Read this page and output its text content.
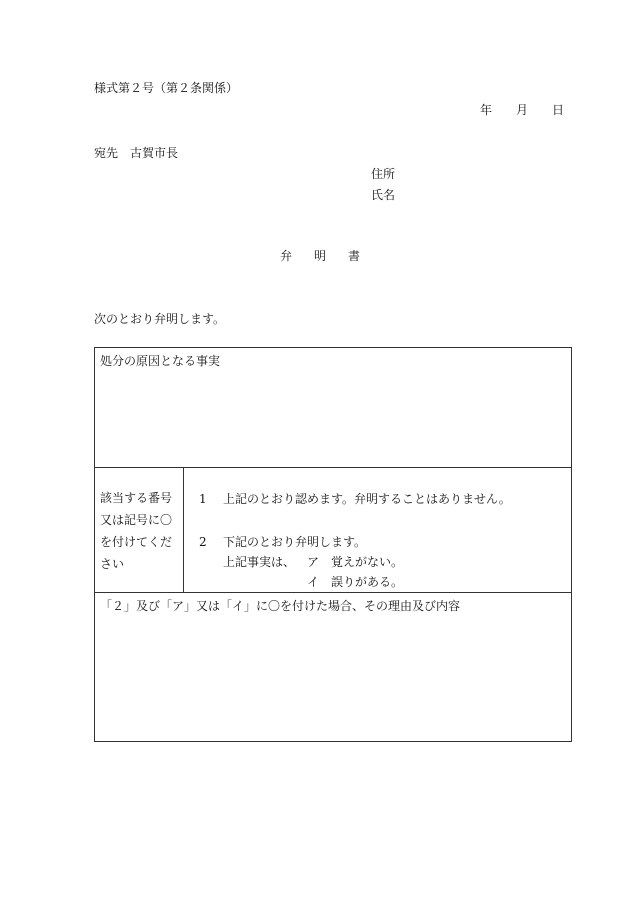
様式第２号（第２条関係）
年 月 日
宛先 古賀市長
住所
氏名
弁 明 書
次のとおり弁明します。
処分の原因となる事実
該当する番号
又は記号に〇
を付けてくだ
さい
1 上記のとおり認めます。弁明することはありません。
2 下記のとおり弁明します。
上記事実は、 ア 覚えがない。
イ 誤りがある。
「２」及び「ア」又は「イ」に〇を付けた場合、その理由及び内容
